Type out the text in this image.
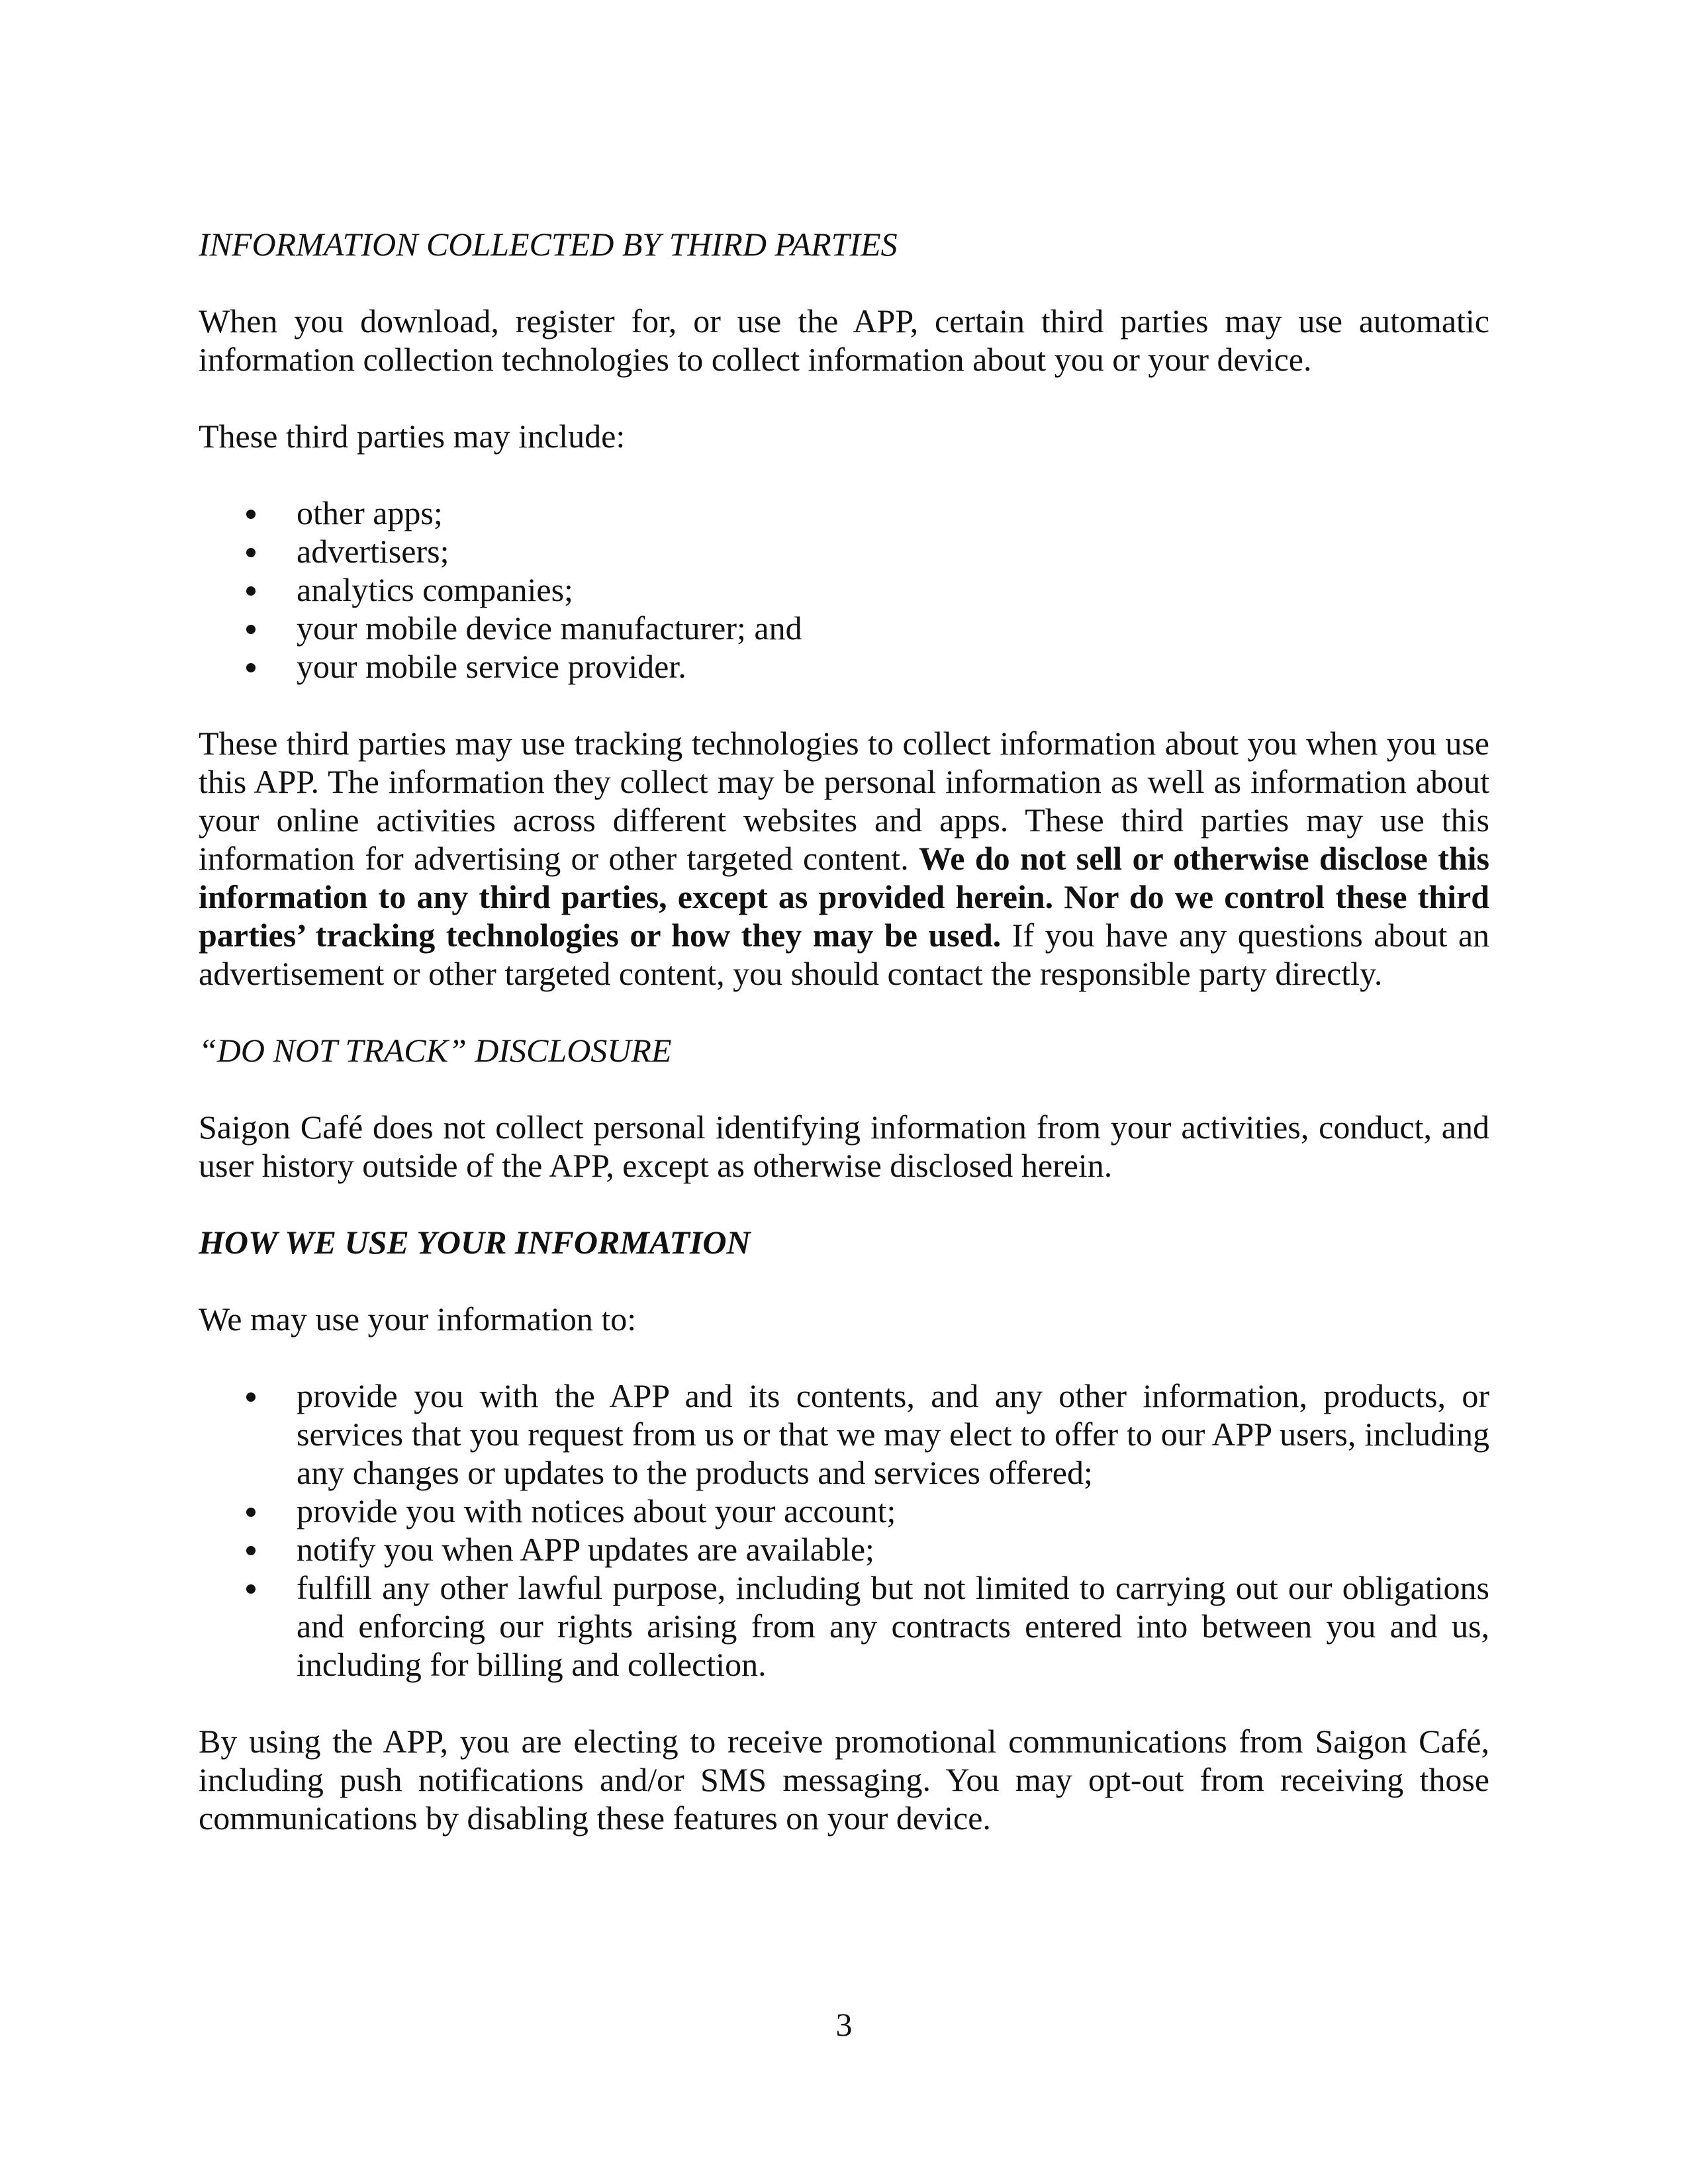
INFORMATION COLLECTED BY THIRD PARTIES

When you download, register for, or use the APP, certain third parties may use automatic information collection technologies to collect information about you or your device.

These third parties may include:

other apps;
advertisers;
analytics companies;
your mobile device manufacturer; and
your mobile service provider.

These third parties may use tracking technologies to collect information about you when you use this APP. The information they collect may be personal information as well as information about your online activities across different websites and apps. These third parties may use this information for advertising or other targeted content. We do not sell or otherwise disclose this information to any third parties, except as provided herein. Nor do we control these third parties’ tracking technologies or how they may be used. If you have any questions about an advertisement or other targeted content, you should contact the responsible party directly.

“DO NOT TRACK” DISCLOSURE

Saigon Café does not collect personal identifying information from your activities, conduct, and user history outside of the APP, except as otherwise disclosed herein.

HOW WE USE YOUR INFORMATION

We may use your information to:

provide you with the APP and its contents, and any other information, products, or services that you request from us or that we may elect to offer to our APP users, including any changes or updates to the products and services offered;
provide you with notices about your account;
notify you when APP updates are available;
fulfill any other lawful purpose, including but not limited to carrying out our obligations and enforcing our rights arising from any contracts entered into between you and us, including for billing and collection.

By using the APP, you are electing to receive promotional communications from Saigon Café, including push notifications and/or SMS messaging. You may opt-out from receiving those communications by disabling these features on your device.

3
